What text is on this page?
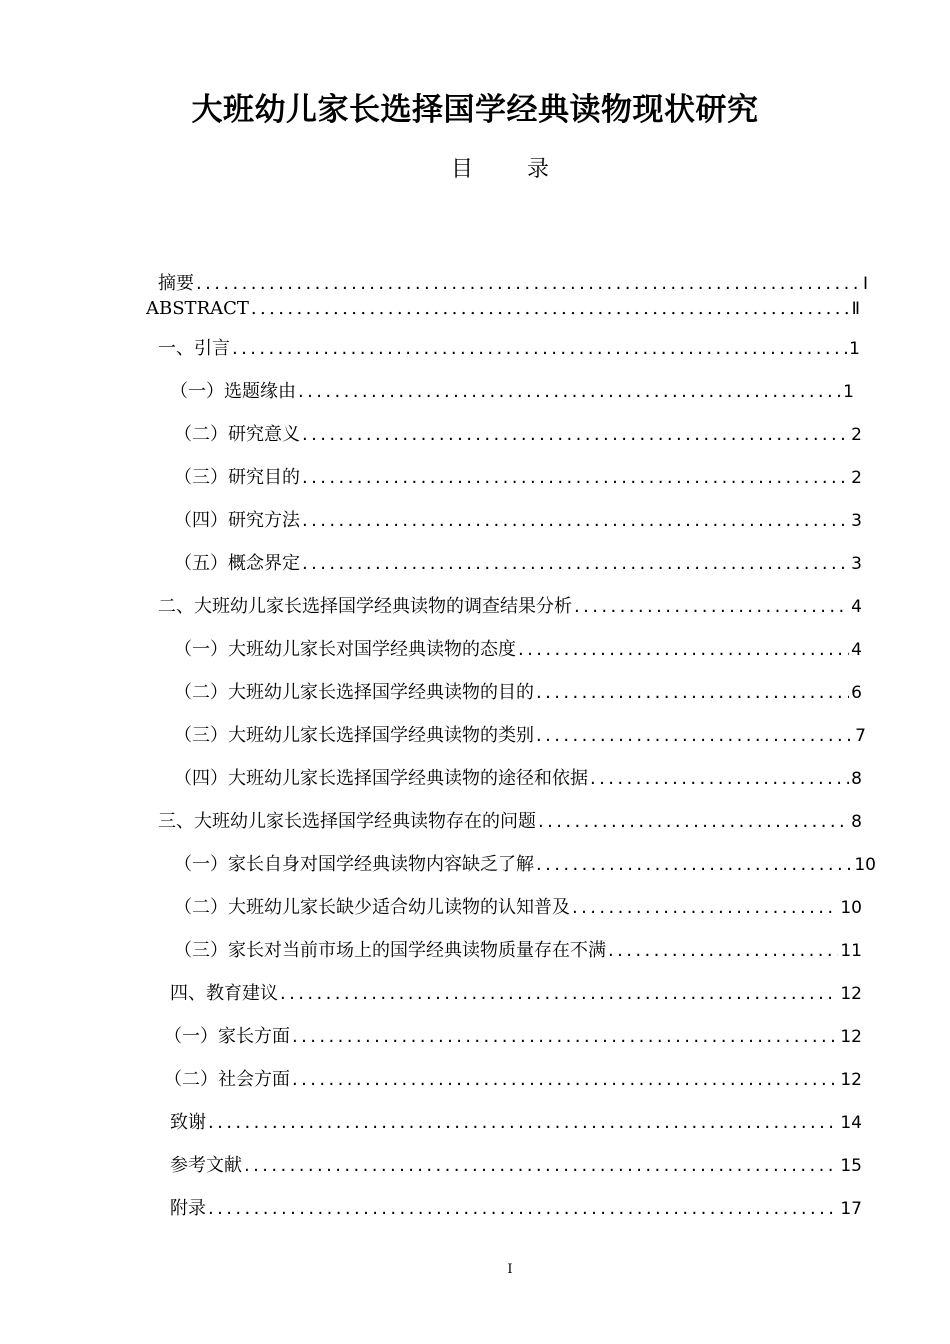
大班幼儿家长选择国学经典读物现状研究
目　录
摘要 .....	Ⅰ
ABSTRACT .....	Ⅱ
一、引言 .....	1
（一）选题缘由 .....	1
（二）研究意义 .....	2
（三）研究目的 .....	2
（四）研究方法 .....	3
（五）概念界定 .....	3
二、大班幼儿家长选择国学经典读物的调查结果分析 .....	4
（一）大班幼儿家长对国学经典读物的态度 .....	4
（二）大班幼儿家长选择国学经典读物的目的 .....	6
（三）大班幼儿家长选择国学经典读物的类别 .....	7
（四）大班幼儿家长选择国学经典读物的途径和依据 .....	8
三、大班幼儿家长选择国学经典读物存在的问题 .....	8
（一）家长自身对国学经典读物内容缺乏了解 .....	10
（二）大班幼儿家长缺少适合幼儿读物的认知普及 .....	10
（三）家长对当前市场上的国学经典读物质量存在不满 .....	11
四、教育建议 .....	12
（一）家长方面 .....	12
（二）社会方面 .....	12
致谢 .....	14
参考文献 .....	15
附录 .....	17
I
